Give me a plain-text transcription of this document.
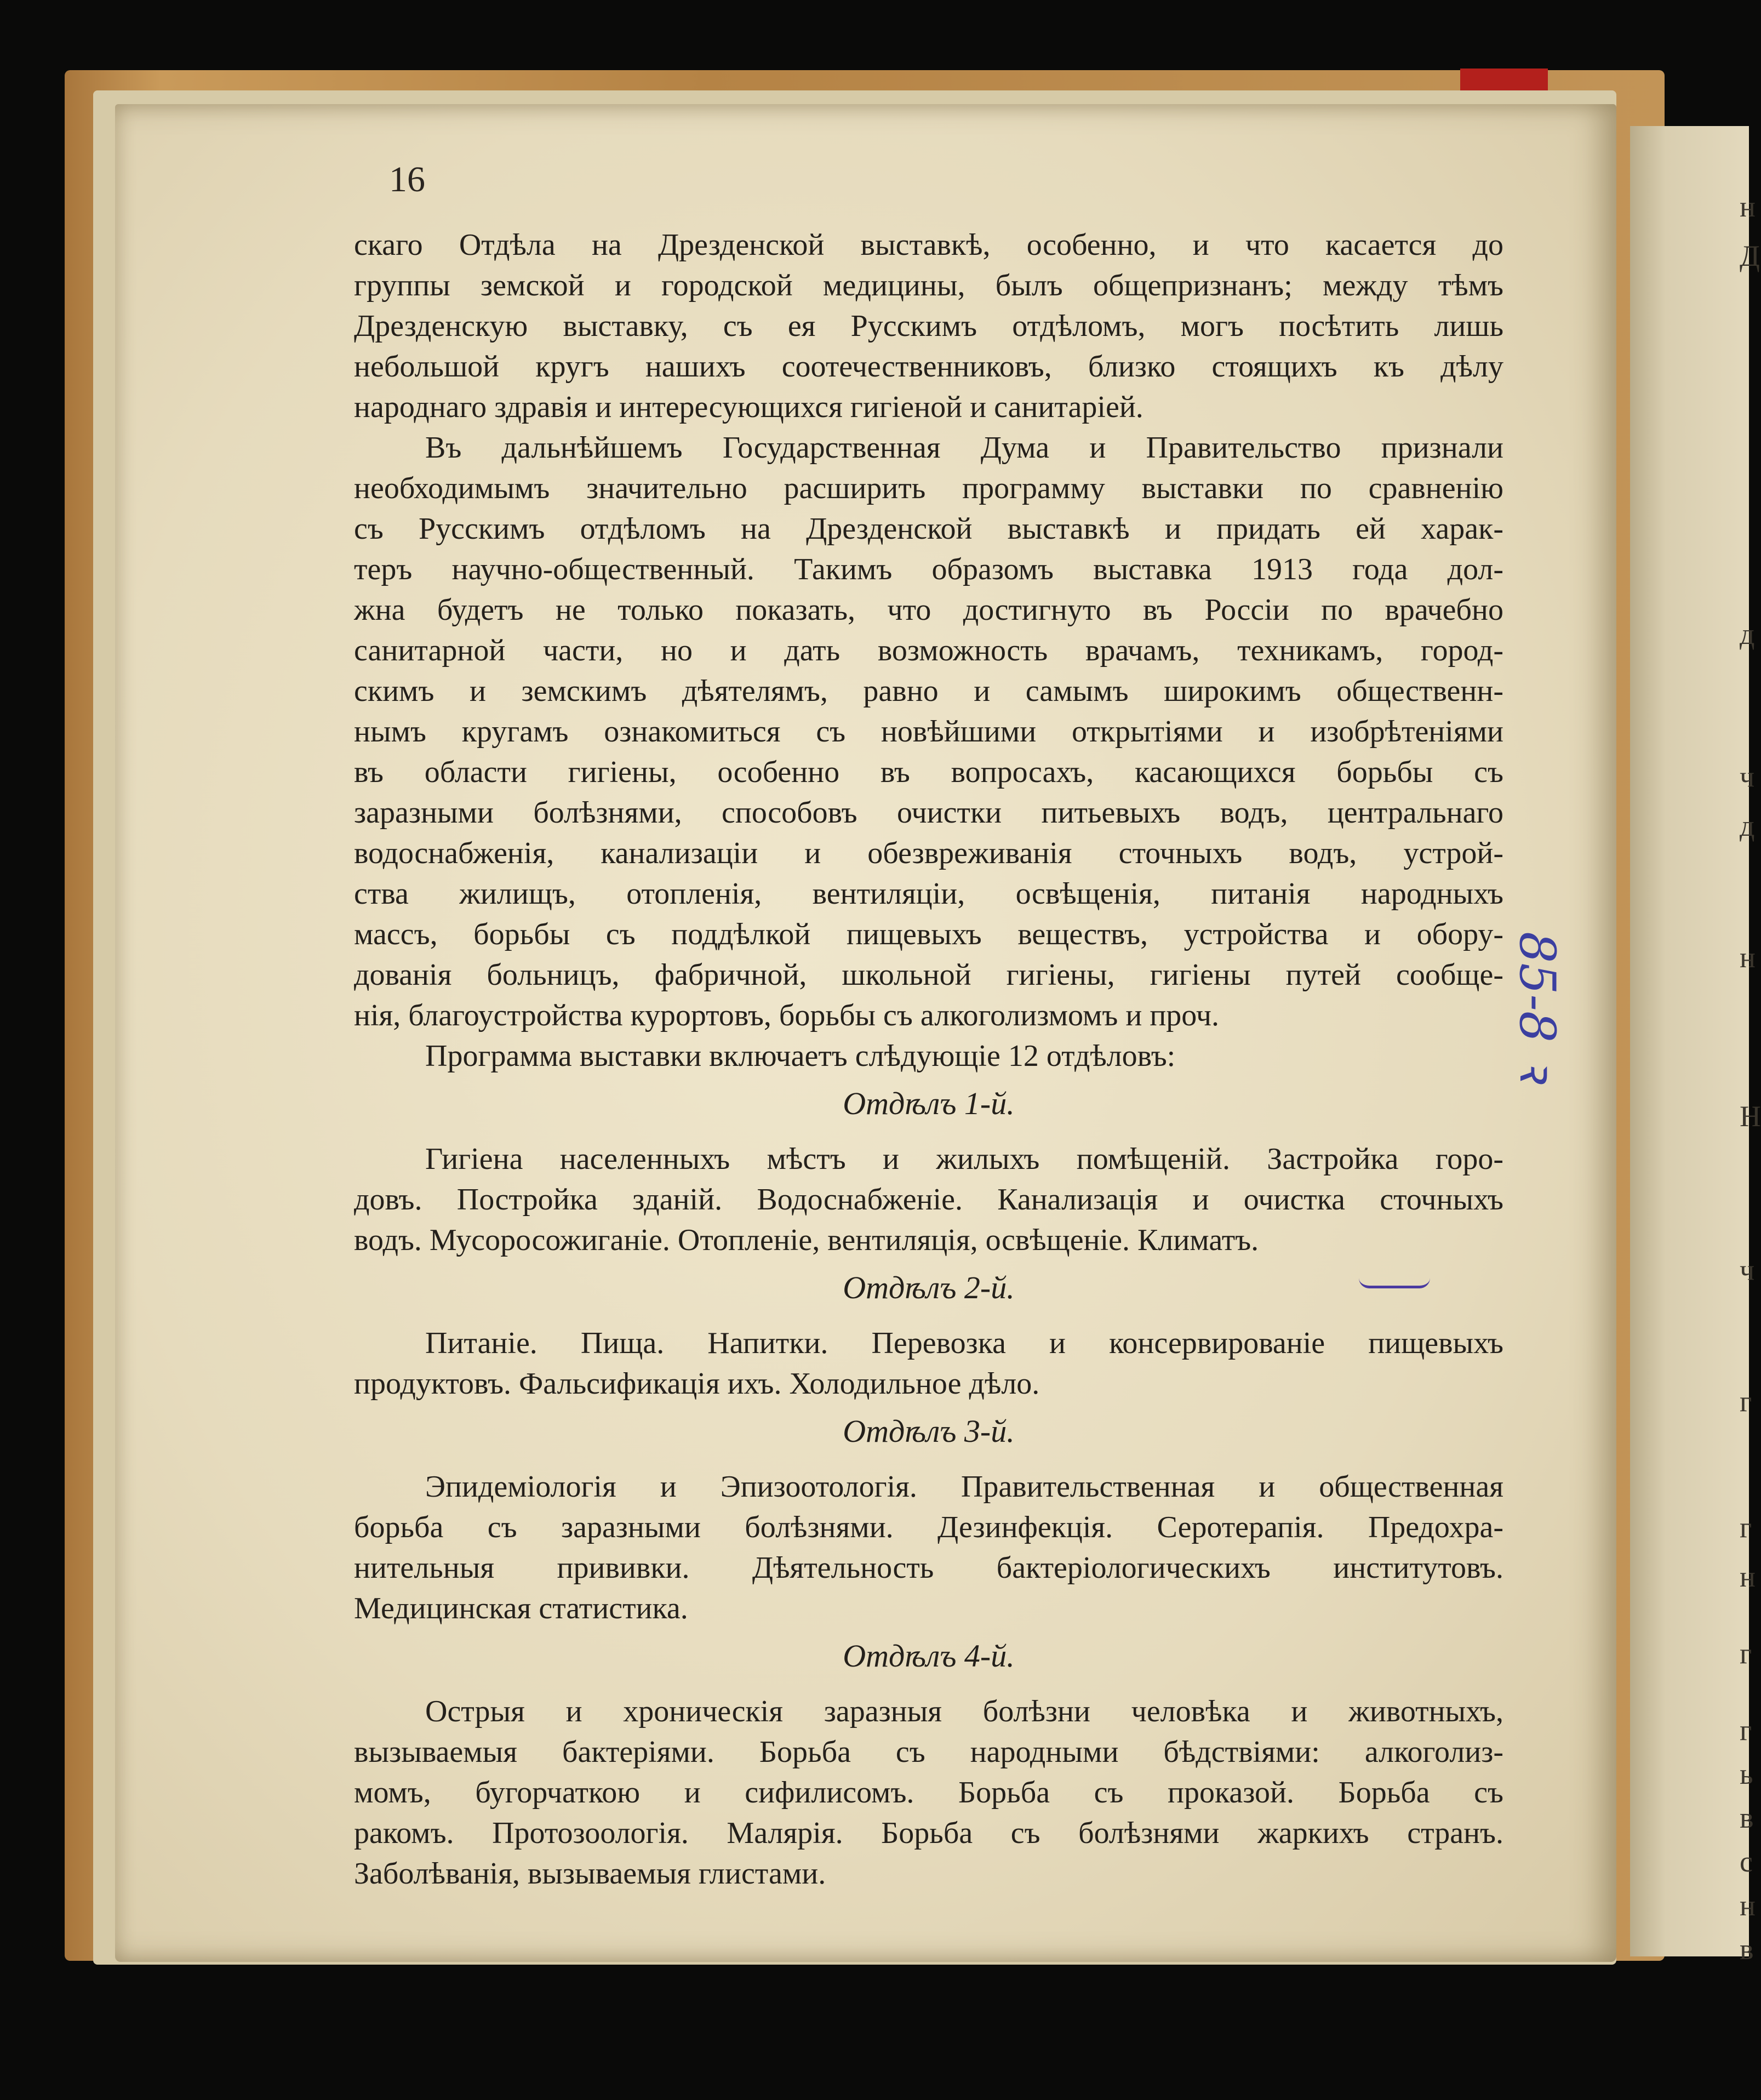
16
скаго Отдѣла на Дрезденской выставкѣ, особенно, и что касается до
группы земской и городской медицины, былъ общепризнанъ; между тѣмъ
Дрезденскую выставку, съ ея Русскимъ отдѣломъ, могъ посѣтить лишь
небольшой кругъ нашихъ соотечественниковъ, близко стоящихъ къ дѣлу
народнаго здравія и интересующихся гигіеной и санитаріей.
Въ дальнѣйшемъ Государственная Дума и Правительство признали
необходимымъ значительно расширить программу выставки по сравненію
съ Русскимъ отдѣломъ на Дрезденской выставкѣ и придать ей харак-
теръ научно-общественный. Такимъ образомъ выставка 1913 года дол-
жна будетъ не только показать, что достигнуто въ Россіи по врачебно
санитарной части, но и дать возможность врачамъ, техникамъ, город-
скимъ и земскимъ дѣятелямъ, равно и самымъ широкимъ общественн-
нымъ кругамъ ознакомиться съ новѣйшими открытіями и изобрѣтеніями
въ области гигіены, особенно въ вопросахъ, касающихся борьбы съ
заразными болѣзнями, способовъ очистки питьевыхъ водъ, центральнаго
водоснабженія, канализаціи и обезвреживанія сточныхъ водъ, устрой-
ства жилищъ, отопленія, вентиляціи, освѣщенія, питанія народныхъ
массъ, борьбы съ поддѣлкой пищевыхъ веществъ, устройства и обору-
дованія больницъ, фабричной, школьной гигіены, гигіены путей сообще-
нія, благоустройства курортовъ, борьбы съ алкоголизмомъ и проч.
Программа выставки включаетъ слѣдующіе 12 отдѣловъ:
Отдѣлъ 1-й.
Гигіена населенныхъ мѣстъ и жилыхъ помѣщеній. Застройка горо-
довъ. Постройка зданій. Водоснабженіе. Канализація и очистка сточныхъ
водъ. Мусоросожиганіе. Отопленіе, вентиляція, освѣщеніе. Климатъ.
Отдѣлъ 2-й.
Питаніе. Пища. Напитки. Перевозка и консервированіе пищевыхъ
продуктовъ. Фальсификація ихъ. Холодильное дѣло.
Отдѣлъ 3-й.
Эпидеміологія и Эпизоотологія. Правительственная и общественная
борьба съ заразными болѣзнями. Дезинфекція. Серотерапія. Предохра-
нительныя прививки. Дѣятельность бактеріологическихъ институтовъ.
Медицинская статистика.
Отдѣлъ 4-й.
Острыя и хроническія заразныя болѣзни человѣка и животныхъ,
вызываемыя бактеріями. Борьба съ народными бѣдствіями: алкоголиз-
момъ, бугорчаткою и сифилисомъ. Борьба съ проказой. Борьба съ
ракомъ. Протозоологія. Малярія. Борьба съ болѣзнями жаркихъ странъ.
Заболѣванія, вызываемыя глистами.
85-8 ꝛ
н
Д
д
ч
д
н
Н
ч
г
г
н
г
г
ь
в
с
н
в
